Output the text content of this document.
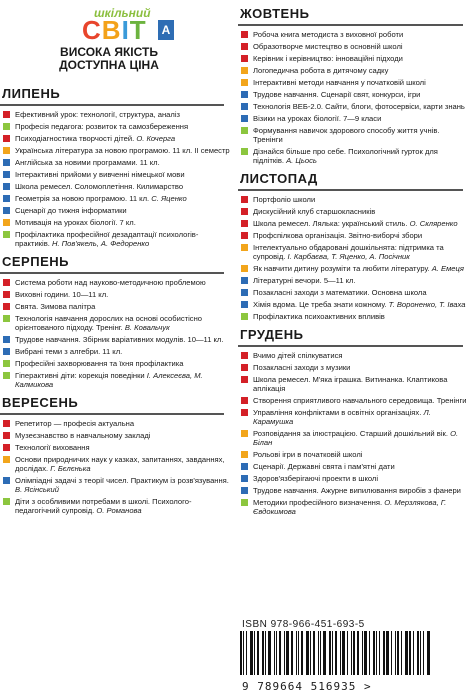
шкільний
СВІТ	А
ВИСОКА ЯКІСТЬ
ДОСТУПНА ЦІНА
ЛИПЕНЬ
Ефективний урок: технології, структура, аналіз
Професія педагога: розвиток та самозбереження
Психодіагностика творчості дітей. О. Кочерга
Українська література за новою програмою. 11 кл. ІІ семестр
Англійська за новими програмами. 11 кл.
Інтерактивні прийоми у вивченні німецької мови
Школа ремесел. Соломоплетіння. Килимарство
Геометрія за новою програмою. 11 кл. С. Яценко
Сценарії до тижня інформатики
Мотивація на уроках біології. 7 кл.
Профілактика професійної дезадаптації психологів-практиків. Н. Пов'якель, А. Федоренко
СЕРПЕНЬ
Система роботи над науково-методичною проблемою
Виховні години. 10—11 кл.
Свята. Зимова палітра
Технологія навчання дорослих на основі особистісно орієнтованого підходу. Тренінг. В. Ковальчук
Трудове навчання. Збірник варіативних модулів. 10—11 кл.
Вибрані теми з алгебри. 11 кл.
Професійні захворювання та їхня профілактика
Гіперактивні діти: корекція поведінки І. Алексеєва, М. Калмикова
ВЕРЕСЕНЬ
Репетитор — професія актуальна
Музеєзнавство в навчальному закладі
Технології виховання
Основи природничих наук у казках, запитаннях, завданнях, дослідах. Г. Бєлєнька
Олімпіадні задачі з теорії чисел. Практикум із розв'язування. В. Ясінський
Діти з особливими потребами в школі. Психолого-педагогічний супровід. О. Романова
ЖОВТЕНЬ
Робоча книга методиста з виховної роботи
Образотворче мистецтво в основній школі
Керівник і керівництво: інноваційні підходи
Логопедична робота в дитячому садку
Інтерактивні методи навчання у початковій школі
Трудове навчання. Сценарії свят, конкурси, ігри
Технологія ВЕБ-2.0. Сайти, блоги, фотосервіси, карти знань
Візики на уроках біології. 7—9 класи
Формування навичок здорового способу життя учнів. Тренінги
Дізнайся більше про себе. Психологічний гурток для підлітків. А. Цьось
ЛИСТОПАД
Портфоліо школи
Дискусійний клуб старшокласників
Школа ремесел. Лялька: український стиль. О. Скляренко
Профспілкова організація. Звітно-виборчі збори
Інтелектуально обдаровані дошкільнята: підтримка та супровід. І. Карбаєва, Т. Яценко, А. Посічник
Як навчити дитину розуміти та любити літературу. А. Емеця
Літературні вечори. 5—11 кл.
Позакласні заходи з математики. Основна школа
Хімія вдома. Це треба знати кожному. Т. Вороненко, Т. Іваха
Профілактика психоактивних впливів
ГРУДЕНЬ
Вчимо дітей спілкуватися
Позакласні заходи з музики
Школа ремесел. М'яка іграшка. Витинанка. Клаптикова аплікація
Створення сприятливого навчального середовища. Тренінги
Управління конфліктами в освітніх організаціях. Л. Карамушка
Розповідання за ілюстрацією. Старший дошкільний вік. О. Білан
Рольові ігри в початковій школі
Сценарії. Державні свята і пам'ятні дати
Здоров'язберігаючі проекти в школі
Трудове навчання. Ажурне випилювання виробів з фанери
Методики професійного визначення. О. Мерзлякова, Г. Євдокимова
ISBN 978-966-451-693-5
9 789664 516935 >
